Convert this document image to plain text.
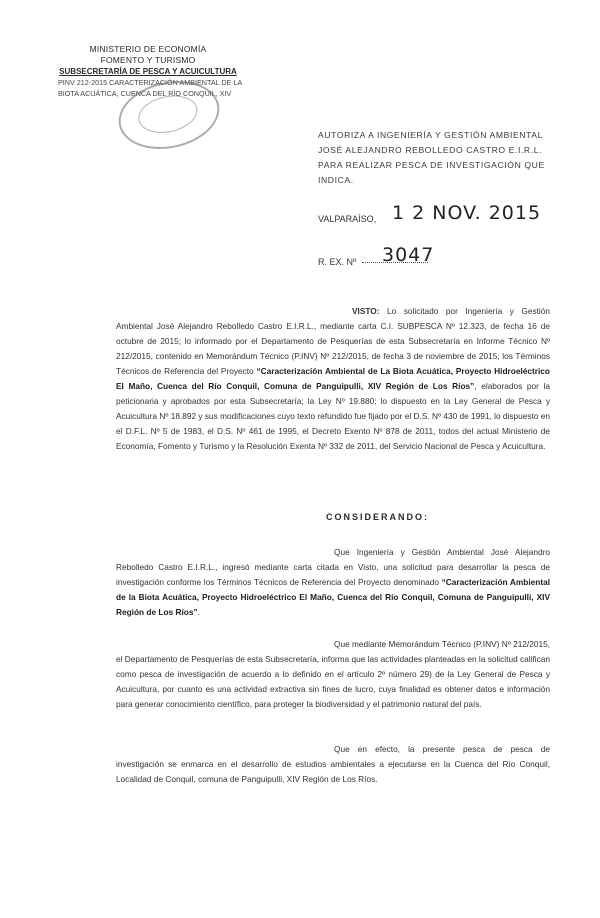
MINISTERIO DE ECONOMÍA
FOMENTO Y TURISMO
SUBSECRETARÍA DE PESCA Y ACUICULTURA
PINV 212-2015 CARACTERIZACIÓN AMBIENTAL DE LA
BIOTA ACUÁTICA, CUENCA DEL RÍO CONQUIL, XIV
AUTORIZA A INGENIERÍA Y GESTIÓN AMBIENTAL JOSÉ ALEJANDRO REBOLLEDO CASTRO E.I.R.L. PARA REALIZAR PESCA DE INVESTIGACIÓN QUE INDICA.
VALPARAÍSO, 1 2 NOV. 2015
R. EX. Nº 3047
VISTO: Lo solicitado por Ingeniería y Gestión Ambiental José Alejandro Rebolledo Castro E.I.R.L., mediante carta C.I. SUBPESCA Nº 12.323, de fecha 16 de octubre de 2015; lo informado por el Departamento de Pesquerías de esta Subsecretaría en Informe Técnico Nº 212/2015, contenido en Memorándum Técnico (P.INV) Nº 212/2015, de fecha 3 de noviembre de 2015; los Términos Técnicos de Referencia del Proyecto “Caracterización Ambiental de La Biota Acuática, Proyecto Hidroeléctrico El Maño, Cuenca del Río Conquil, Comuna de Panguipulli, XIV Región de Los Ríos”, elaborados por la peticionaria y aprobados por esta Subsecretaría; la Ley Nº 19.880; lo dispuesto en la Ley General de Pesca y Acuicultura Nº 18.892 y sus modificaciones cuyo texto refundido fue fijado por el D.S. Nº 430 de 1991, lo dispuesto en el D.F.L. Nº 5 de 1983, el D.S. Nº 461 de 1995, el Decreto Exento Nº 878 de 2011, todos del actual Ministerio de Economía, Fomento y Turismo y la Resolución Exenta Nº 332 de 2011, del Servicio Nacional de Pesca y Acuicultura.
CONSIDERANDO:
Que Ingeniería y Gestión Ambiental José Alejandro Rebolledo Castro E.I.R.L., ingresó mediante carta citada en Visto, una solicitud para desarrollar la pesca de investigación conforme los Términos Técnicos de Referencia del Proyecto denominado “Caracterización Ambiental de la Biota Acuática, Proyecto Hidroeléctrico El Maño, Cuenca del Río Conquil, Comuna de Panguipulli, XIV Región de Los Ríos”.
Que mediante Memorándum Técnico (P.INV) Nº 212/2015, el Departamento de Pesquerías de esta Subsecretaría, informa que las actividades planteadas en la solicitud califican como pesca de investigación de acuerdo a lo definido en el artículo 2º número 29) de la Ley General de Pesca y Acuicultura, por cuanto es una actividad extractiva sin fines de lucro, cuya finalidad es obtener datos e información para generar conocimiento científico, para proteger la biodiversidad y el patrimonio natural del país.
Que en efecto, la presente pesca de pesca de investigación se enmarca en el desarrollo de estudios ambientales a ejecutarse en la Cuenca del Río Conquil, Localidad de Conquil, comuna de Panguipulli, XIV Región de Los Ríos.
